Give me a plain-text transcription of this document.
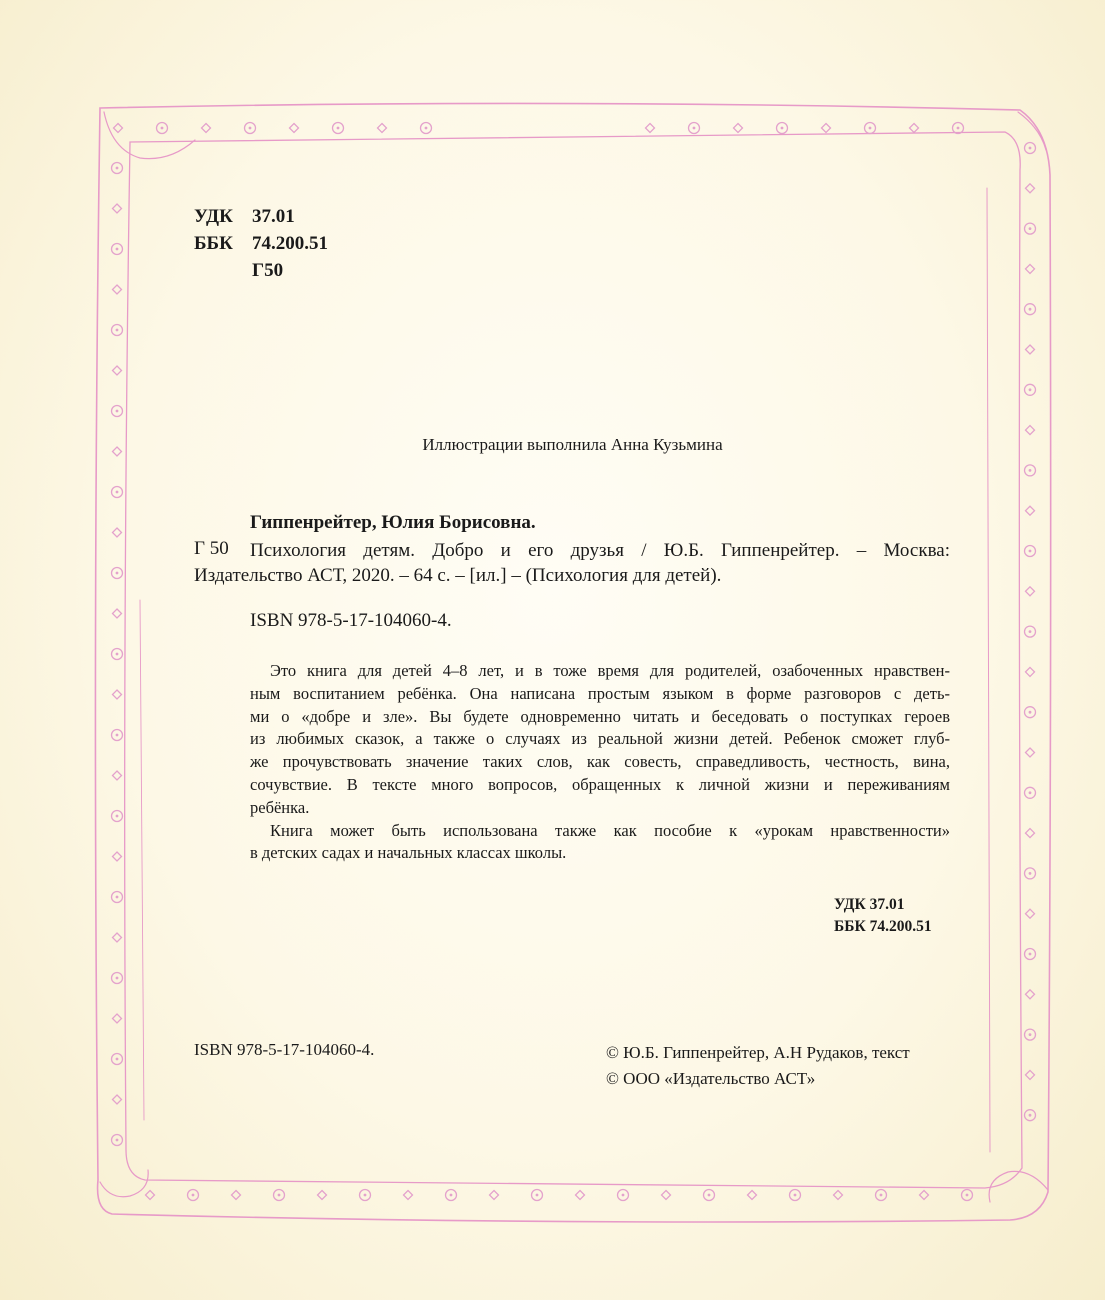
УДК	37.01
ББК	74.200.51
Г50

Иллюстрации выполнила Анна Кузьмина

Гиппенрейтер, Юлия Борисовна.

Г 50 Психология детям. Добро и его друзья / Ю.Б. Гиппенрейтер. – Москва:
Издательство АСТ, 2020. – 64 с. – [ил.] – (Психология для детей).

ISBN 978-5-17-104060-4.

Это книга для детей 4–8 лет, и в тоже время для родителей, озабоченных нравствен-
ным воспитанием ребёнка. Она написана простым языком в форме разговоров с деть-
ми о «добре и зле». Вы будете одновременно читать и беседовать о поступках героев
из любимых сказок, а также о случаях из реальной жизни детей. Ребенок сможет глуб-
же прочувствовать значение таких слов, как совесть, справедливость, честность, вина,
сочувствие. В тексте много вопросов, обращенных к личной жизни и переживаниям
ребёнка.
Книга может быть использована также как пособие к «урокам нравственности»
в детских садах и начальных классах школы.
УДК 37.01
ББК 74.200.51

ISBN 978-5-17-104060-4.	© Ю.Б. Гиппенрейтер, А.Н Рудаков, текст
© ООО «Издательство АСТ»
